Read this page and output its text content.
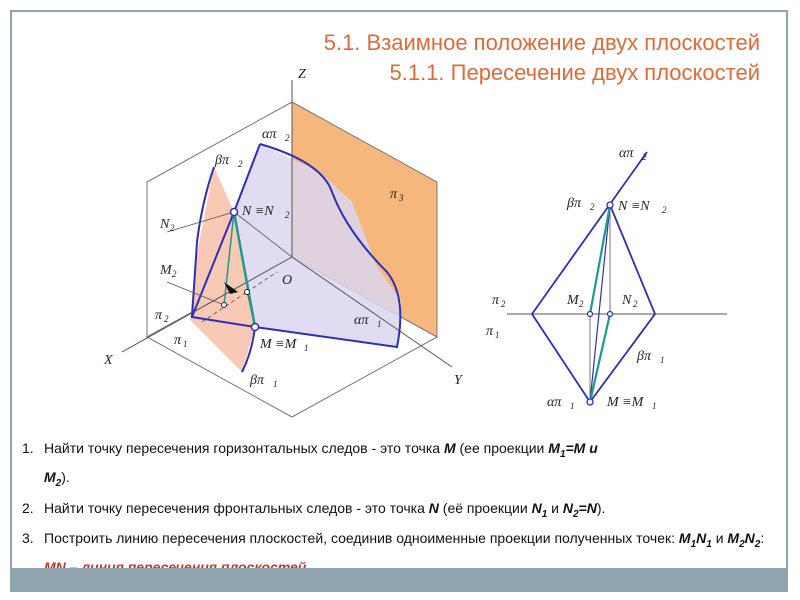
5.1. Взаимное положение двух плоскостей
5.1.1. Пересечение двух плоскостей
Z
X
Y
O
απ 2
βπ 2
π 3
N 2
M 2
π 2
π 1
N ≡N 2
απ 1
M ≡M 1
βπ 1
απ 2
βπ 2 N ≡N 2
π 2
π 1
M 2	N 2
βπ 1
απ 1 M ≡M 1
1. Найти точку пересечения горизонтальных следов - это точка M (ее проекции $M_1=M$ и
$M_2$).
2. Найти точку пересечения фронтальных следов - это точка N (её проекции $N_1$ и $N_2=N$).
3. Построить линию пересечения плоскостей, соединив одноименные проекции полученных точек: $M_1N_1$ и $M_2N_2$:
